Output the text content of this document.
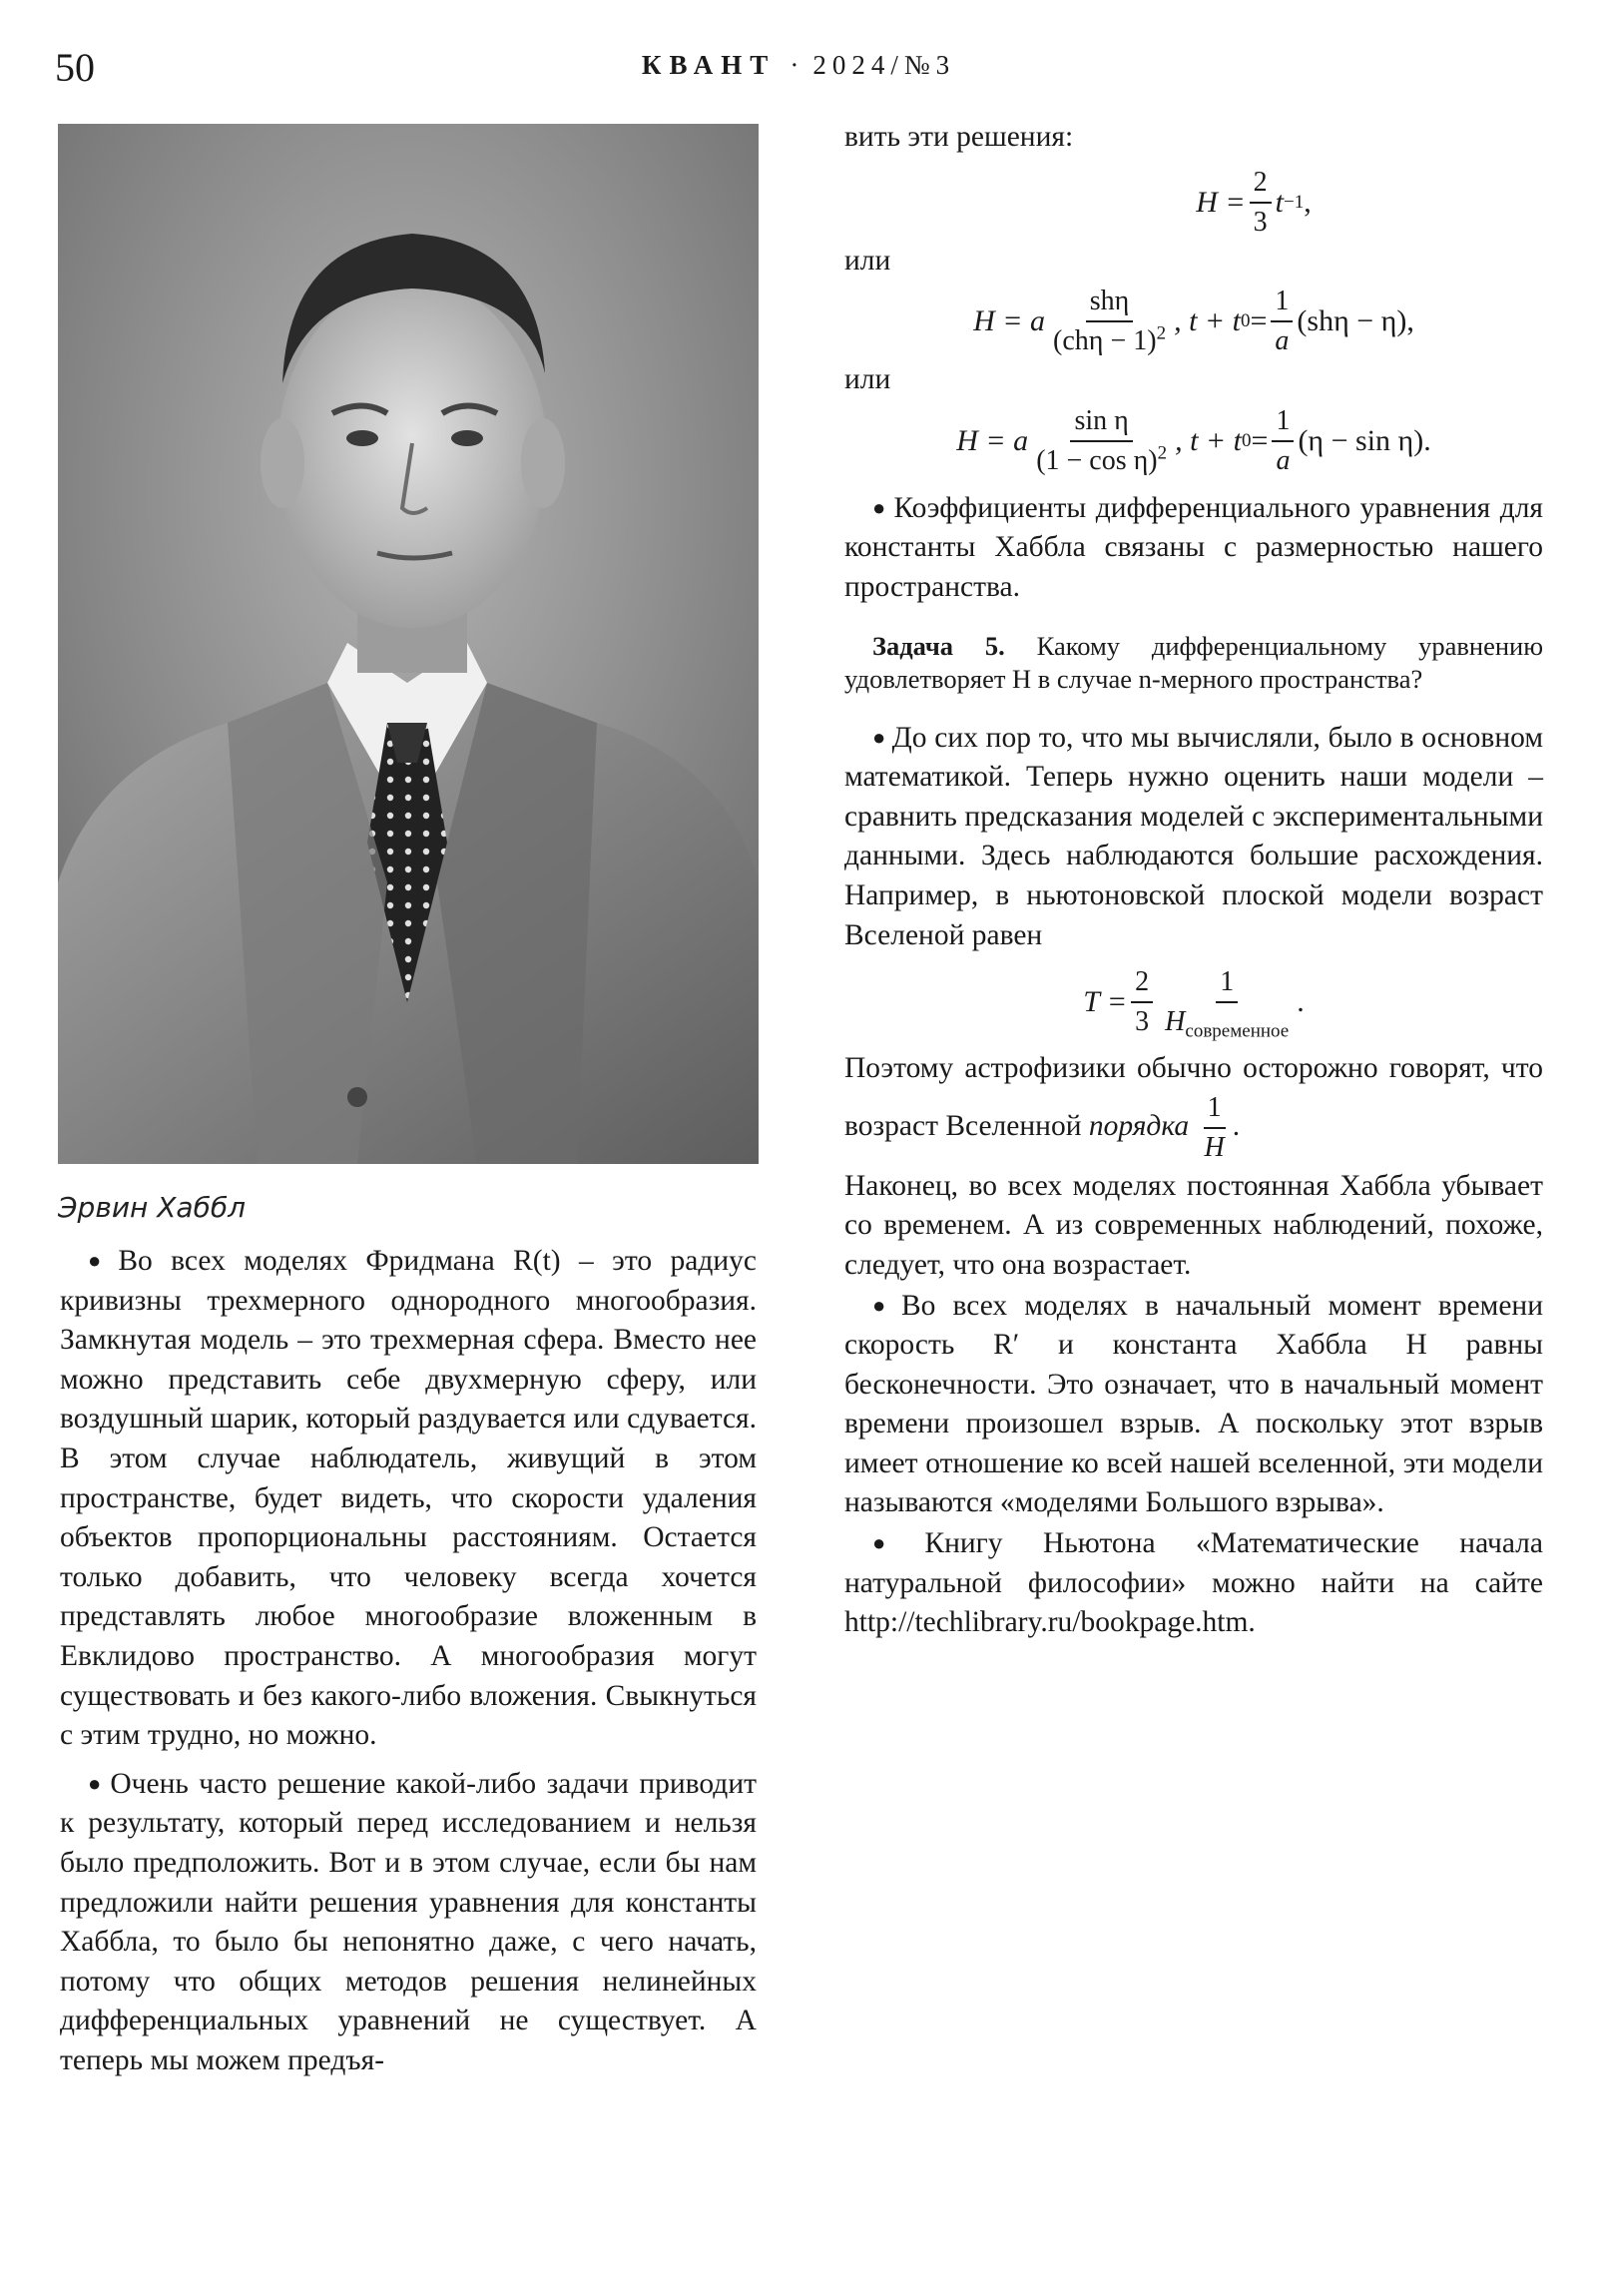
50	КВАНТ · 2024/№3
Эрвин Хаббл

● Во всех моделях Фридмана R(t) – это радиус кривизны трехмерного однородного многообразия. Замкнутая модель – это трехмерная сфера. Вместо нее можно представить себе двухмерную сферу, или воздушный шарик, который раздувается или сдувается. В этом случае наблюдатель, живущий в этом пространстве, будет видеть, что скорости удаления объектов пропорциональны расстояниям. Остается только добавить, что человеку всегда хочется представлять любое многообразие вложенным в Евклидово пространство. А многообразия могут существовать и без какого-либо вложения. Свыкнуться с этим трудно, но можно.

● Очень часто решение какой-либо задачи приводит к результату, который перед исследованием и нельзя было предположить. Вот и в этом случае, если бы нам предложили найти решения уравнения для константы Хаббла, то было бы непонятно даже, с чего начать, потому что общих методов решения нелинейных дифференциальных уравнений не существует. А теперь мы можем предъя-

вить эти решения:

$H = \frac{2}{3}$ t −1 ,

или

H = a $\frac{\text{shη}}{(ch\eta - 1)^2}$ , t + t $0 = \frac{1}{a} (sh\eta - \eta)$,

или

H = a $\frac{\text{sin η}}{(1 - \cos \eta)^2}$ , t + t $0 = \frac{1}{a} (\eta - \sin \eta)$.

● Коэффициенты дифференциального уравнения для константы Хаббла связаны с размерностью нашего пространства.

Задача 5. Какому дифференциальному уравнению удовлетворяет H в случае n-мерного пространства?

● До сих пор то, что мы вычисляли, было в основном математикой. Теперь нужно оценить наши модели – сравнить предсказания моделей с экспериментальными данными. Здесь наблюдаются большие расхождения. Например, в ньютоновской плоской модели возраст Вселеной равен

$T = \frac{2}{3} \frac{1}{H_{современное}}$ .

Поэтому астрофизики обычно осторожно говорят, что возраст Вселенной порядка $\frac{1}{H}$ .

Наконец, во всех моделях постоянная Хаббла убывает со временем. А из современных наблюдений, похоже, следует, что она возрастает.

● Во всех моделях в начальный момент времени скорость R′ и константа Хаббла H равны бесконечности. Это означает, что в начальный момент времени произошел взрыв. А поскольку этот взрыв имеет отношение ко всей нашей вселенной, эти модели называются «моделями Большого взрыва».

● Книгу Ньютона «Математические начала натуральной философии» можно найти на сайте http://techlibrary.ru/bookpage.htm.
